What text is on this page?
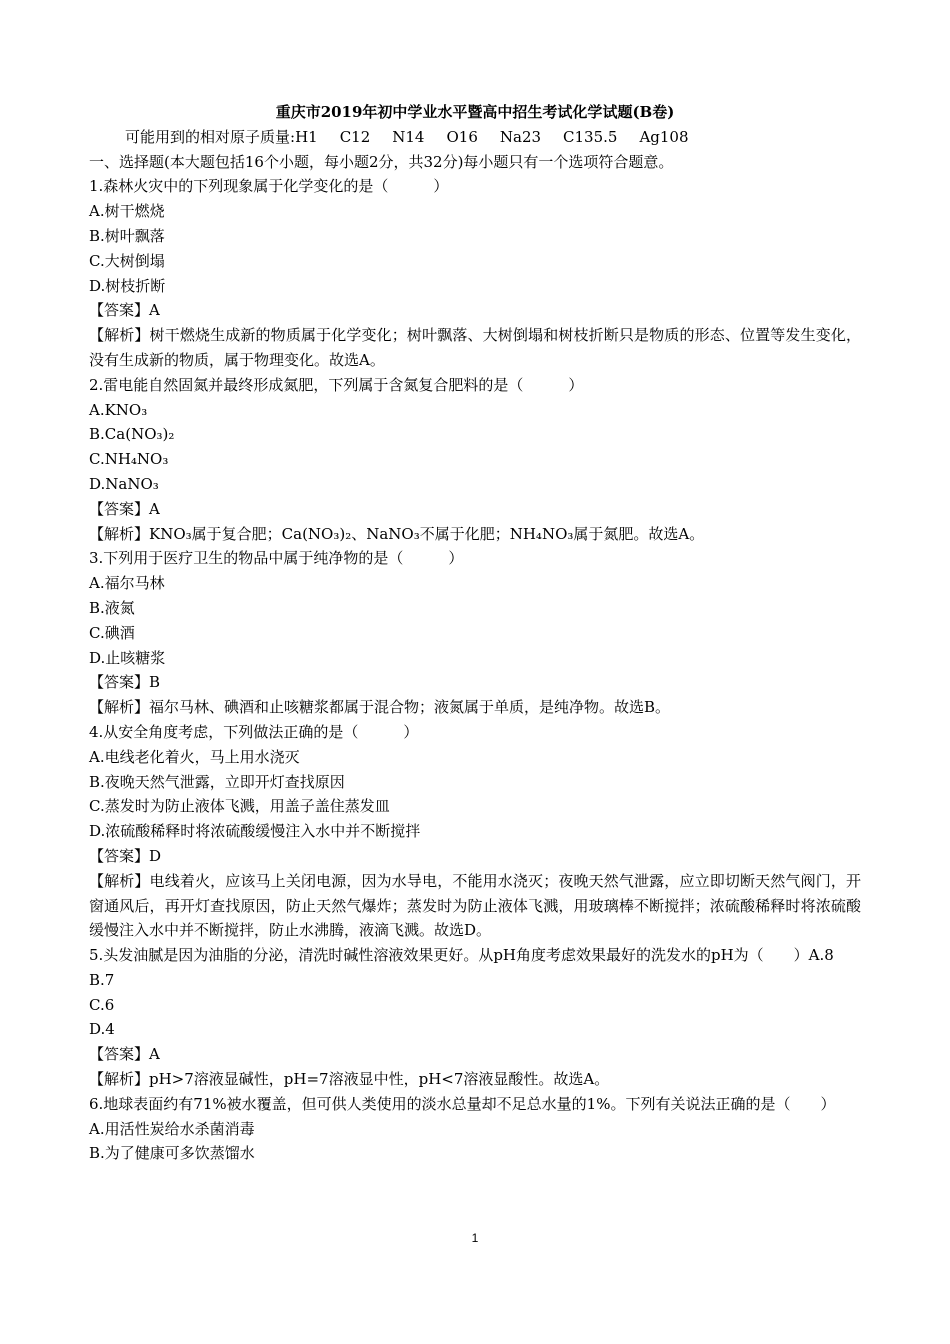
重庆市2019年初中学业水平暨高中招生考试化学试题(B卷)
可能用到的相对原子质量:H1 C12 N14 O16 Na23 C135.5 Ag108
一、选择题(本大题包括16个小题，每小题2分，共32分)每小题只有一个选项符合题意。
1.森林火灾中的下列现象属于化学变化的是（　　　）
A.树干燃烧
B.树叶飘落
C.大树倒塌
D.树枝折断
【答案】A
【解析】树干燃烧生成新的物质属于化学变化；树叶飘落、大树倒塌和树枝折断只是物质的形态、位置等发生变化，没有生成新的物质，属于物理变化。故选A。
2.雷电能自然固氮并最终形成氮肥，下列属于含氮复合肥料的是（　　　）
A.KNO₃
B.Ca(NO₃)₂
C.NH₄NO₃
D.NaNO₃
【答案】A
【解析】KNO₃属于复合肥；Ca(NO₃)₂、NaNO₃不属于化肥；NH₄NO₃属于氮肥。故选A。
3.下列用于医疗卫生的物品中属于纯净物的是（　　　）
A.福尔马林
B.液氮
C.碘酒
D.止咳糖浆
【答案】B
【解析】福尔马林、碘酒和止咳糖浆都属于混合物；液氮属于单质，是纯净物。故选B。
4.从安全角度考虑，下列做法正确的是（　　　）
A.电线老化着火，马上用水浇灭
B.夜晚天然气泄露，立即开灯查找原因
C.蒸发时为防止液体飞溅，用盖子盖住蒸发皿
D.浓硫酸稀释时将浓硫酸缓慢注入水中并不断搅拌
【答案】D
【解析】电线着火，应该马上关闭电源，因为水导电，不能用水浇灭；夜晚天然气泄露，应立即切断天然气阀门，开窗通风后，再开灯查找原因，防止天然气爆炸；蒸发时为防止液体飞溅，用玻璃棒不断搅拌；浓硫酸稀释时将浓硫酸缓慢注入水中并不断搅拌，防止水沸腾，液滴飞溅。故选D。
5.头发油腻是因为油脂的分泌，清洗时碱性溶液效果更好。从pH角度考虑效果最好的洗发水的pH为（　　）A.8
B.7
C.6
D.4
【答案】A
【解析】pH>7溶液显碱性，pH=7溶液显中性，pH<7溶液显酸性。故选A。
6.地球表面约有71%被水覆盖，但可供人类使用的淡水总量却不足总水量的1%。下列有关说法正确的是（　　）
A.用活性炭给水杀菌消毒
B.为了健康可多饮蒸馏水
1
